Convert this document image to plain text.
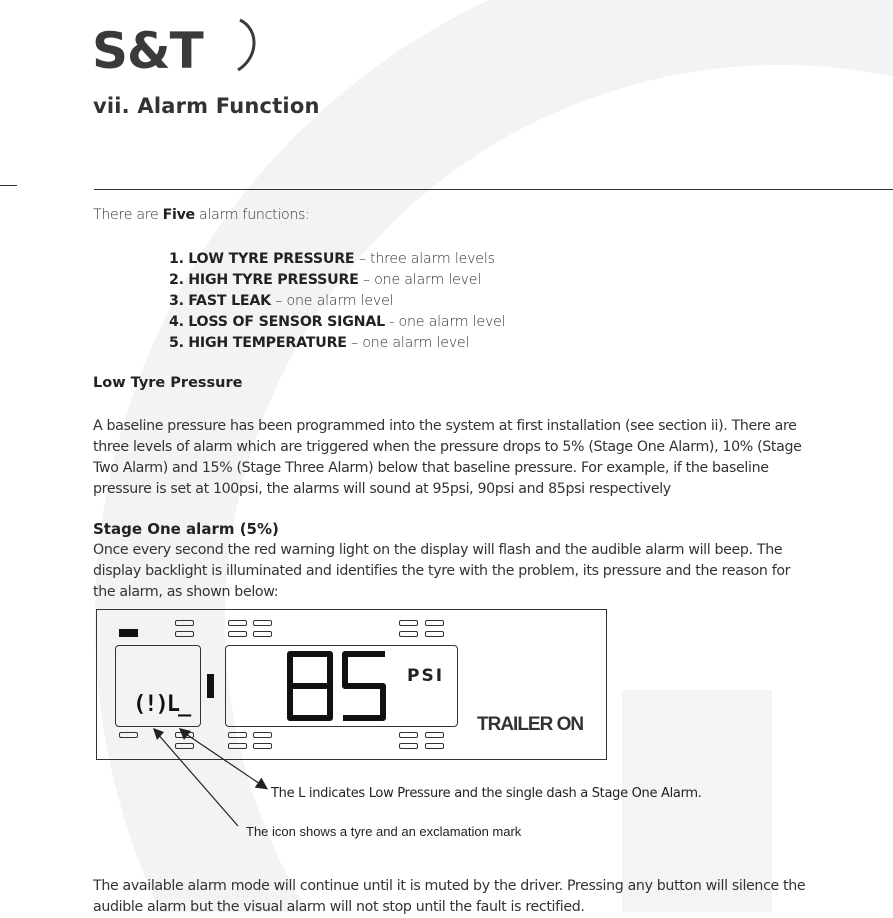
S&T
vii. Alarm Function
There are Five alarm functions:
1. LOW TYRE PRESSURE – three alarm levels
2. HIGH TYRE PRESSURE – one alarm level
3. FAST LEAK – one alarm level
4. LOSS OF SENSOR SIGNAL - one alarm level
5. HIGH TEMPERATURE – one alarm level
Low Tyre Pressure
A baseline pressure has been programmed into the system at first installation (see section ii). There are three levels of alarm which are triggered when the pressure drops to 5% (Stage One Alarm), 10% (Stage Two Alarm) and 15% (Stage Three Alarm) below that baseline pressure. For example, if the baseline pressure is set at 100psi, the alarms will sound at 95psi, 90psi and 85psi respectively
Stage One alarm (5%)
Once every second the red warning light on the display will flash and the audible alarm will beep. The display backlight is illuminated and identifies the tyre with the problem, its pressure and the reason for the alarm, as shown below:
(!)L_
85
PSI
TRAILER ON
The L indicates Low Pressure and the single dash a Stage One Alarm.
The icon shows a tyre and an exclamation mark
The available alarm mode will continue until it is muted by the driver. Pressing any button will silence the audible alarm but the visual alarm will not stop until the fault is rectified.
